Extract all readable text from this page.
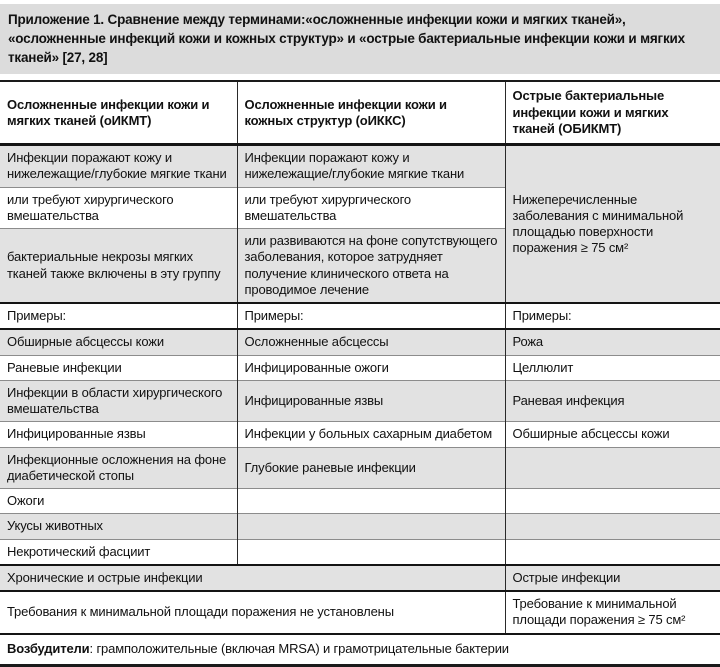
Приложение 1. Сравнение между терминами:«осложненные инфекции кожи и мягких тканей», «осложненные инфекций кожи и кожных структур» и «острые бактериальные инфекции кожи и мягких тканей» [27, 28]
Осложненные инфекции кожи и мягких тканей (оИКМТ)	Осложненные инфекции кожи и кожных структур (оИККС)	Острые бактериальные инфекции кожи и мягких тканей (ОБИКМТ)
Инфекции поражают кожу и нижележащие/глубокие мягкие ткани	Инфекции поражают кожу и нижележащие/глубокие мягкие ткани	Нижеперечисленные заболевания с минимальной площадью поверхности поражения ≥ 75 см²
или требуют хирургического вмешательства	или требуют хирургического вмешательства	
бактериальные некрозы мягких тканей также включены в эту группу	или развиваются на фоне сопутствующего заболевания, которое затрудняет получение клинического ответа на проводимое лечение	
Примеры:	Примеры:	Примеры:
Обширные абсцессы кожи	Осложненные абсцессы	Рожа
Раневые инфекции	Инфицированные ожоги	Целлюлит
Инфекции в области хирургического вмешательства	Инфицированные язвы	Раневая инфекция
Инфицированные язвы	Инфекции у больных сахарным диабетом	Обширные абсцессы кожи
Инфекционные осложнения на фоне диабетической стопы	Глубокие раневые инфекции	
Ожоги		
Укусы животных		
Некротический фасциит		
Хронические и острые инфекции		Острые инфекции
Требования к минимальной площади поражения не установлены		Требование к минимальной площади поражения ≥ 75 см²
Возбудители: грамположительные (включая MRSA) и грамотрицательные бактерии		
